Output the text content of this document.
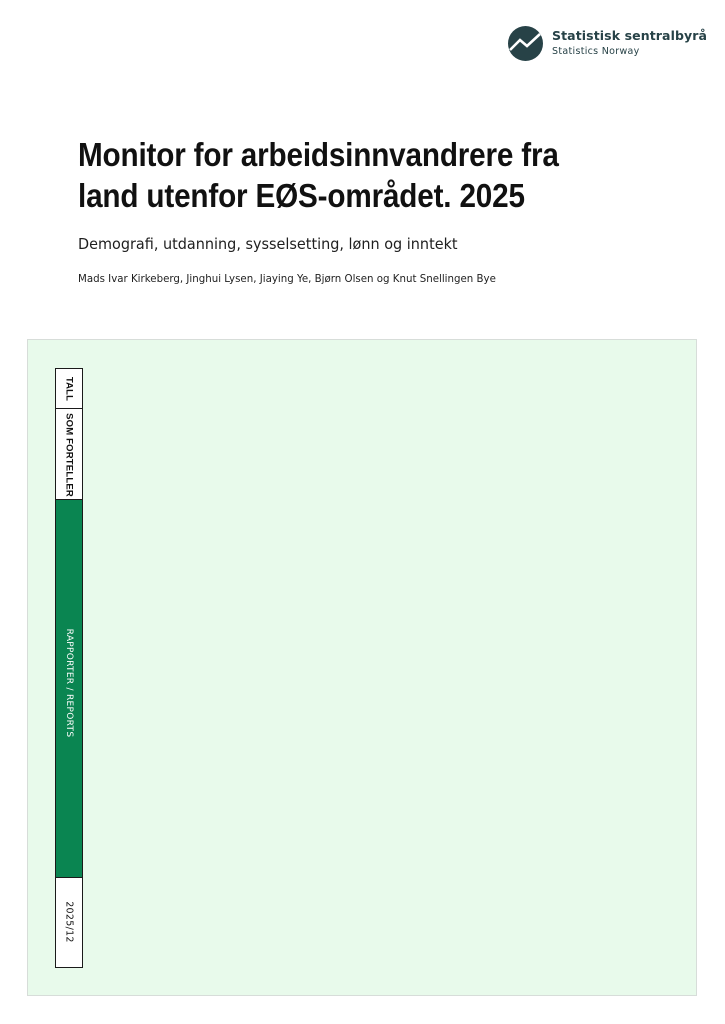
Statistisk sentralbyrå
Statistics Norway
Monitor for arbeidsinnvandrere fra
land utenfor EØS-området. 2025
Demografi, utdanning, sysselsetting, lønn og inntekt
Mads Ivar Kirkeberg, Jinghui Lysen, Jiaying Ye, Bjørn Olsen og Knut Snellingen Bye
TALL
SOM FORTELLER
RAPPORTER / REPORTS
2025/12
